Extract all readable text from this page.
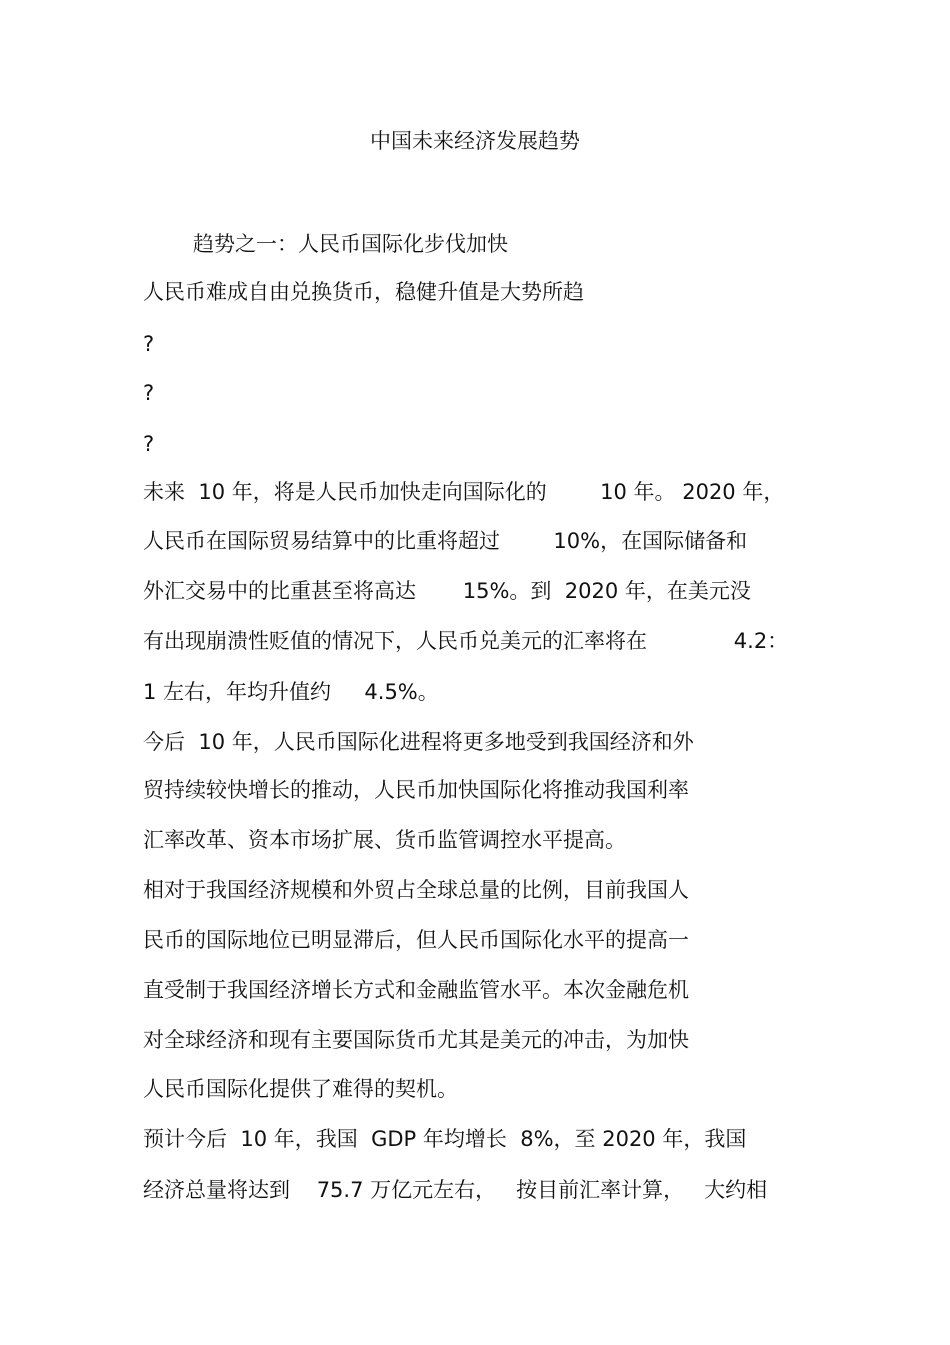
中国未来经济发展趋势
趋势之一：人民币国际化步伐加快
人民币难成自由兑换货币，稳健升值是大势所趋
?
?
?
未来  10 年，将是人民币加快走向国际化的        10 年。 2020 年，
人民币在国际贸易结算中的比重将超过        10%，在国际储备和
外汇交易中的比重甚至将高达       15%。到  2020 年，在美元没
有出现崩溃性贬值的情况下，人民币兑美元的汇率将在             4.2：
1 左右，年均升值约     4.5%。
今后  10 年，人民币国际化进程将更多地受到我国经济和外
贸持续较快增长的推动，人民币加快国际化将推动我国利率
汇率改革、资本市场扩展、货币监管调控水平提高。
相对于我国经济规模和外贸占全球总量的比例，目前我国人
民币的国际地位已明显滞后，但人民币国际化水平的提高一
直受制于我国经济增长方式和金融监管水平。本次金融危机
对全球经济和现有主要国际货币尤其是美元的冲击，为加快
人民币国际化提供了难得的契机。
预计今后  10 年，我国  GDP 年均增长  8%，至 2020 年，我国
经济总量将达到    75.7 万亿元左右，   按目前汇率计算，   大约相
